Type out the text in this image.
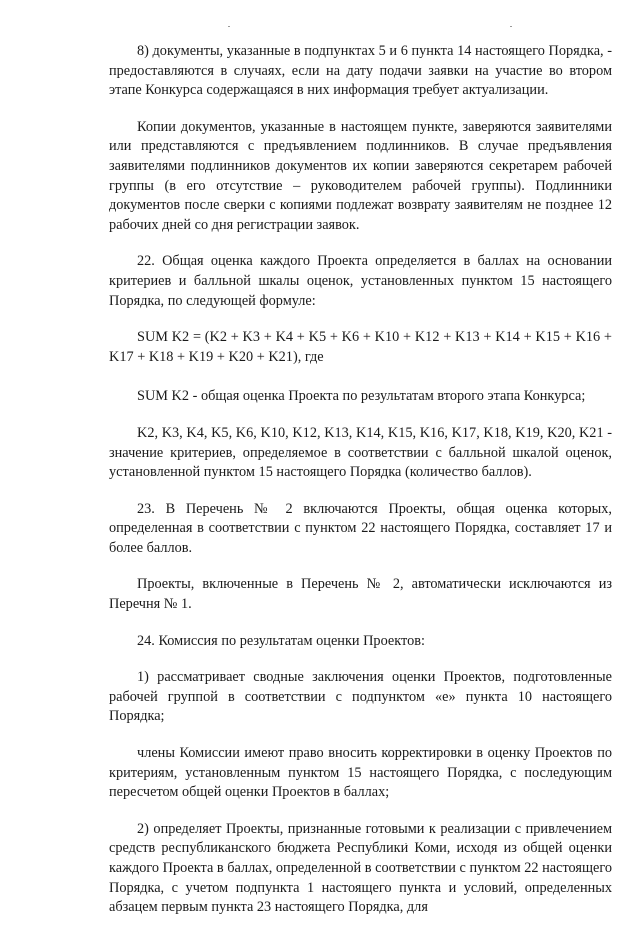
8) документы, указанные в подпунктах 5 и 6 пункта 14 настоящего Порядка, - предоставляются в случаях, если на дату подачи заявки на участие во втором этапе Конкурса содержащаяся в них информация требует актуализации.

Копии документов, указанные в настоящем пункте, заверяются заявителями или представляются с предъявлением подлинников. В случае предъявления заявителями подлинников документов их копии заверяются секретарем рабочей группы (в его отсутствие – руководителем рабочей группы). Подлинники документов после сверки с копиями подлежат возврату заявителям не позднее 12 рабочих дней со дня регистрации заявок.

22. Общая оценка каждого Проекта определяется в баллах на основании критериев и балльной шкалы оценок, установленных пунктом 15 настоящего Порядка, по следующей формуле:

SUM K2 = (K2 + K3 + K4 + K5 + K6 + K10 + K12 + K13 + K14 + K15 + K16 + K17 + K18 + K19 + K20 + K21), где

SUM K2 - общая оценка Проекта по результатам второго этапа Конкурса;

K2, K3, K4, K5, K6, K10, K12, K13, K14, K15, K16, K17, K18, K19, K20, K21 - значение критериев, определяемое в соответствии с балльной шкалой оценок, установленной пунктом 15 настоящего Порядка (количество баллов).

23. В Перечень № 2 включаются Проекты, общая оценка которых, определенная в соответствии с пунктом 22 настоящего Порядка, составляет 17 и более баллов.

Проекты, включенные в Перечень № 2, автоматически исключаются из Перечня № 1.

24. Комиссия по результатам оценки Проектов:

1) рассматривает сводные заключения оценки Проектов, подготовленные рабочей группой в соответствии с подпунктом «е» пункта 10 настоящего Порядка;

члены Комиссии имеют право вносить корректировки в оценку Проектов по критериям, установленным пунктом 15 настоящего Порядка, с последующим пересчетом общей оценки Проектов в баллах;

2) определяет Проекты, признанные готовыми к реализации с привлечением средств республиканского бюджета Республики Коми, исходя из общей оценки каждого Проекта в баллах, определенной в соответствии с пунктом 22 настоящего Порядка, с учетом подпункта 1 настоящего пункта и условий, определенных абзацем первым пункта 23 настоящего Порядка, для
